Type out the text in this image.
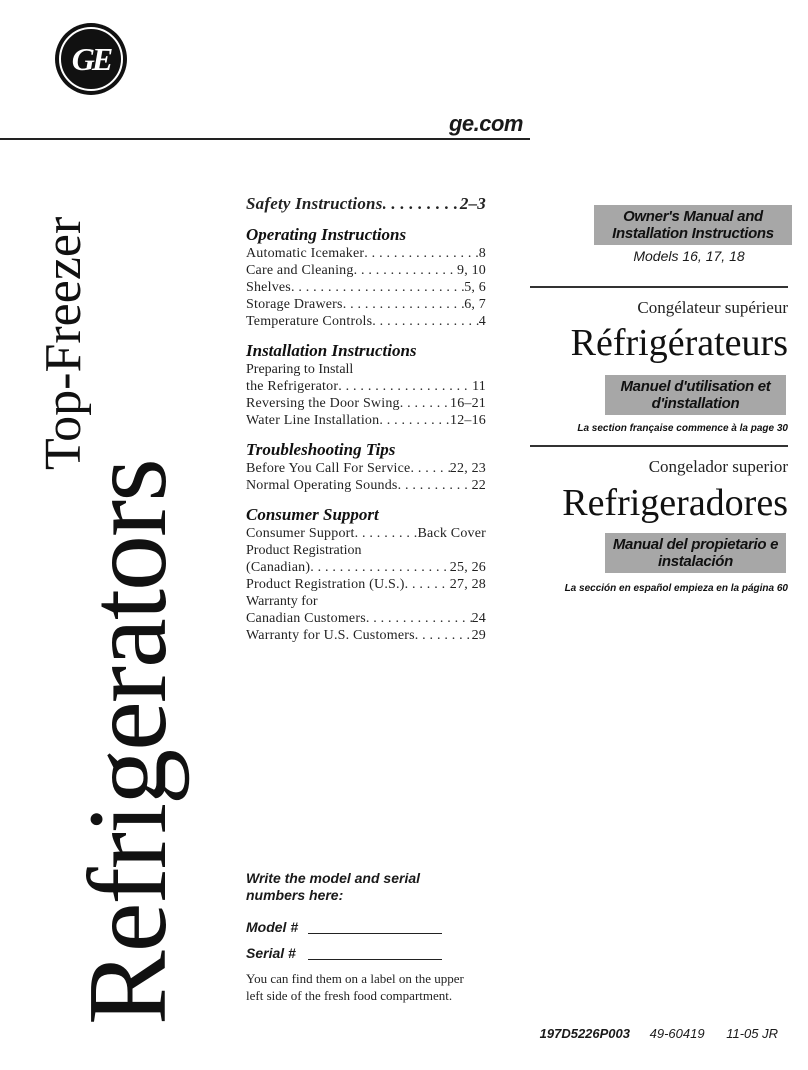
GE
ge.com
Refrigerators
Top-Freezer
Safety Instructions . . .	2–3
Operating Instructions
Automatic Icemaker . . .	8
Care and Cleaning . . .	9, 10
Shelves . . .	5, 6
Storage Drawers . . .	6, 7
Temperature Controls . . .	4
Installation Instructions
Preparing to Install
the Refrigerator . . .	11
Reversing the Door Swing . . .	16–21
Water Line Installation . . .	12–16
Troubleshooting Tips
Before You Call For Service . . .	22, 23
Normal Operating Sounds . . .	22
Consumer Support
Consumer Support . . .	Back Cover
Product Registration
(Canadian) . . .	25, 26
Product Registration (U.S.) . . .	27, 28
Warranty for
Canadian Customers . . .	24
Warranty for U.S. Customers . . .	29
Owner's Manual and Installation Instructions
Models 16, 17, 18
Congélateur supérieur
Réfrigérateurs
Manuel d'utilisation et d'installation
La section française commence à la page 30
Congelador superior
Refrigeradores
Manual del propietario e instalación
La sección en español empieza en la página 60
Write the model and serial numbers here:
Model #
Serial #
You can find them on a label on the upper left side of the fresh food compartment.
197D5226P003 49-60419 11-05 JR
